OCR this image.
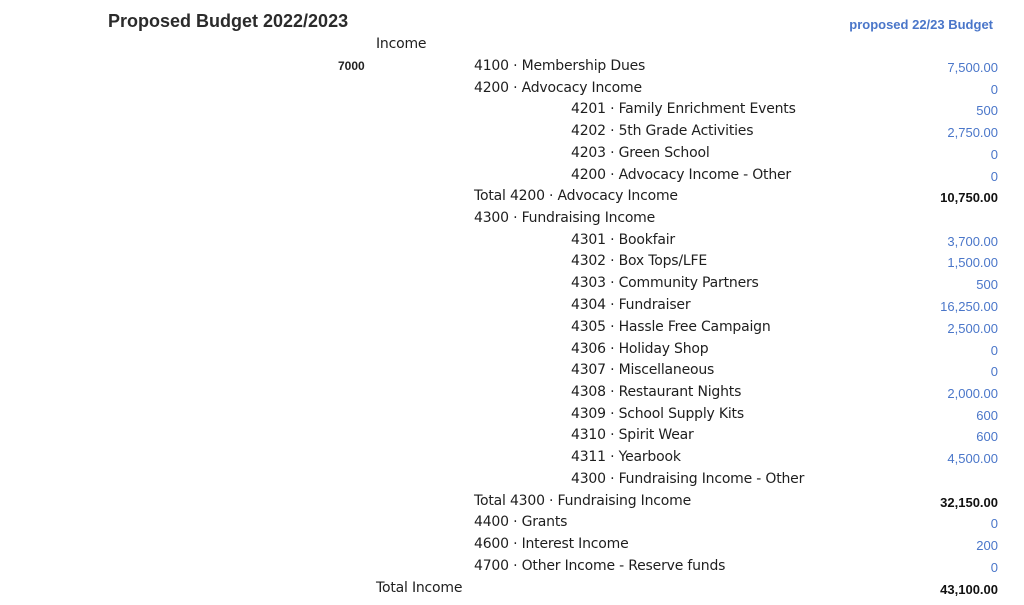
Proposed Budget 2022/2023	proposed 22/23 Budget
Income
7000	4100 · Membership Dues	7,500.00
4200 · Advocacy Income	0
4201 · Family Enrichment Events	500
4202 · 5th Grade Activities	2,750.00
4203 · Green School	0
4200 · Advocacy Income - Other	0
Total 4200 · Advocacy Income	10,750.00
4300 · Fundraising Income
4301 · Bookfair	3,700.00
4302 · Box Tops/LFE	1,500.00
4303 · Community Partners	500
4304 · Fundraiser	16,250.00
4305 · Hassle Free Campaign	2,500.00
4306 · Holiday Shop	0
4307 · Miscellaneous	0
4308 · Restaurant Nights	2,000.00
4309 · School Supply Kits	600
4310 · Spirit Wear	600
4311 · Yearbook	4,500.00
4300 · Fundraising Income - Other
Total 4300 · Fundraising Income	32,150.00
4400 · Grants	0
4600 · Interest Income	200
4700 · Other Income - Reserve funds	0
Total Income	43,100.00
